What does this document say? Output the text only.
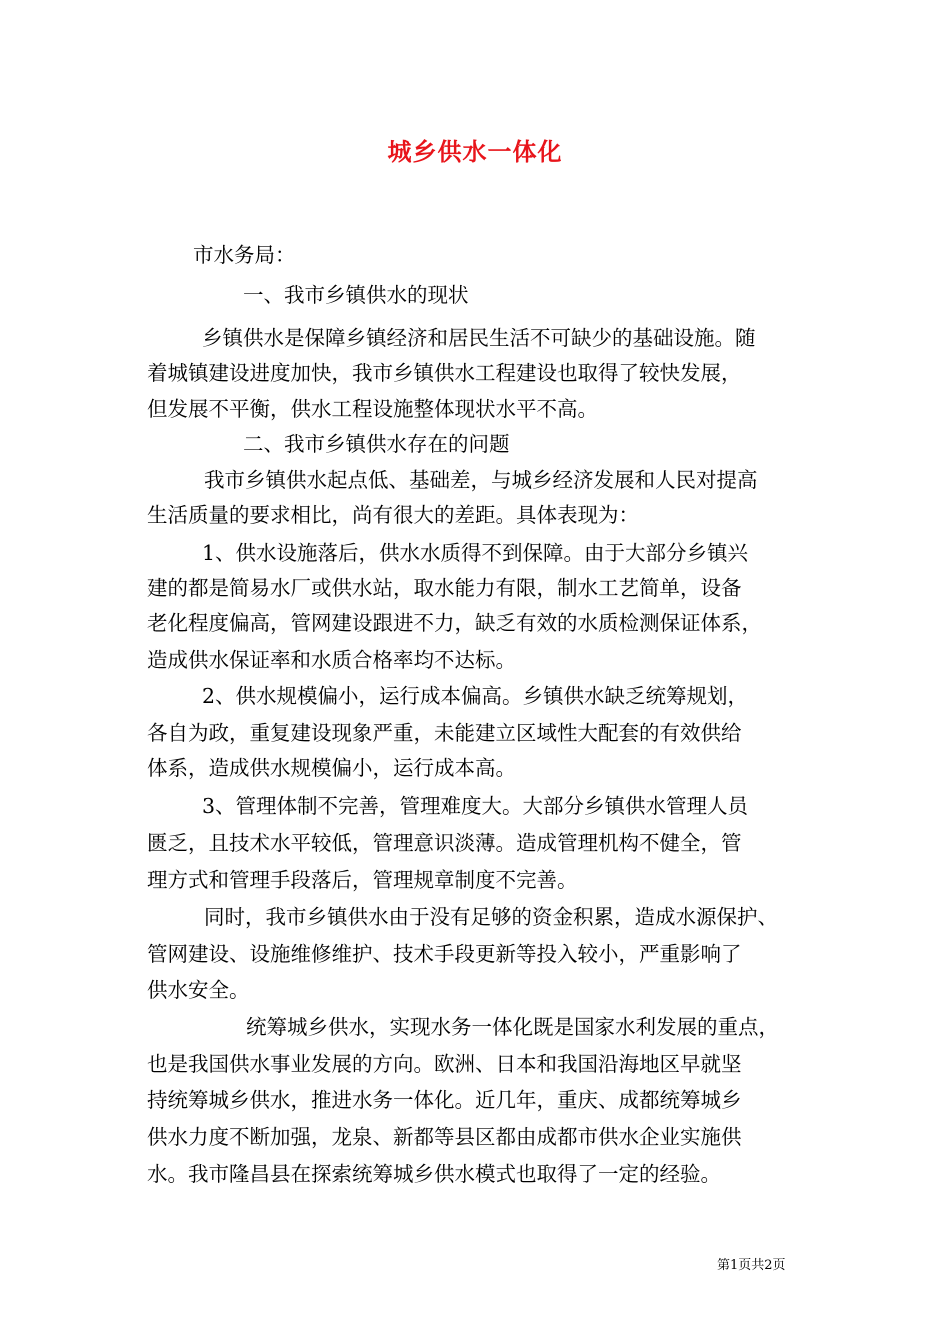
城乡供水一体化
市水务局：
一、我市乡镇供水的现状
乡镇供水是保障乡镇经济和居民生活不可缺少的基础设施。随
着城镇建设进度加快，我市乡镇供水工程建设也取得了较快发展，
但发展不平衡，供水工程设施整体现状水平不高。
二、我市乡镇供水存在的问题
我市乡镇供水起点低、基础差，与城乡经济发展和人民对提高
生活质量的要求相比，尚有很大的差距。具体表现为：
1、供水设施落后，供水水质得不到保障。由于大部分乡镇兴
建的都是简易水厂或供水站，取水能力有限，制水工艺简单，设备
老化程度偏高，管网建设跟进不力，缺乏有效的水质检测保证体系，
造成供水保证率和水质合格率均不达标。
2、供水规模偏小，运行成本偏高。乡镇供水缺乏统筹规划，
各自为政，重复建设现象严重，未能建立区域性大配套的有效供给
体系，造成供水规模偏小，运行成本高。
3、管理体制不完善，管理难度大。大部分乡镇供水管理人员
匮乏，且技术水平较低，管理意识淡薄。造成管理机构不健全，管
理方式和管理手段落后，管理规章制度不完善。
同时，我市乡镇供水由于没有足够的资金积累，造成水源保护、
管网建设、设施维修维护、技术手段更新等投入较小，严重影响了
供水安全。
统筹城乡供水，实现水务一体化既是国家水利发展的重点，
也是我国供水事业发展的方向。欧洲、日本和我国沿海地区早就坚
持统筹城乡供水，推进水务一体化。近几年，重庆、成都统筹城乡
供水力度不断加强，龙泉、新都等县区都由成都市供水企业实施供
水。我市隆昌县在探索统筹城乡供水模式也取得了一定的经验。
第1页共2页
